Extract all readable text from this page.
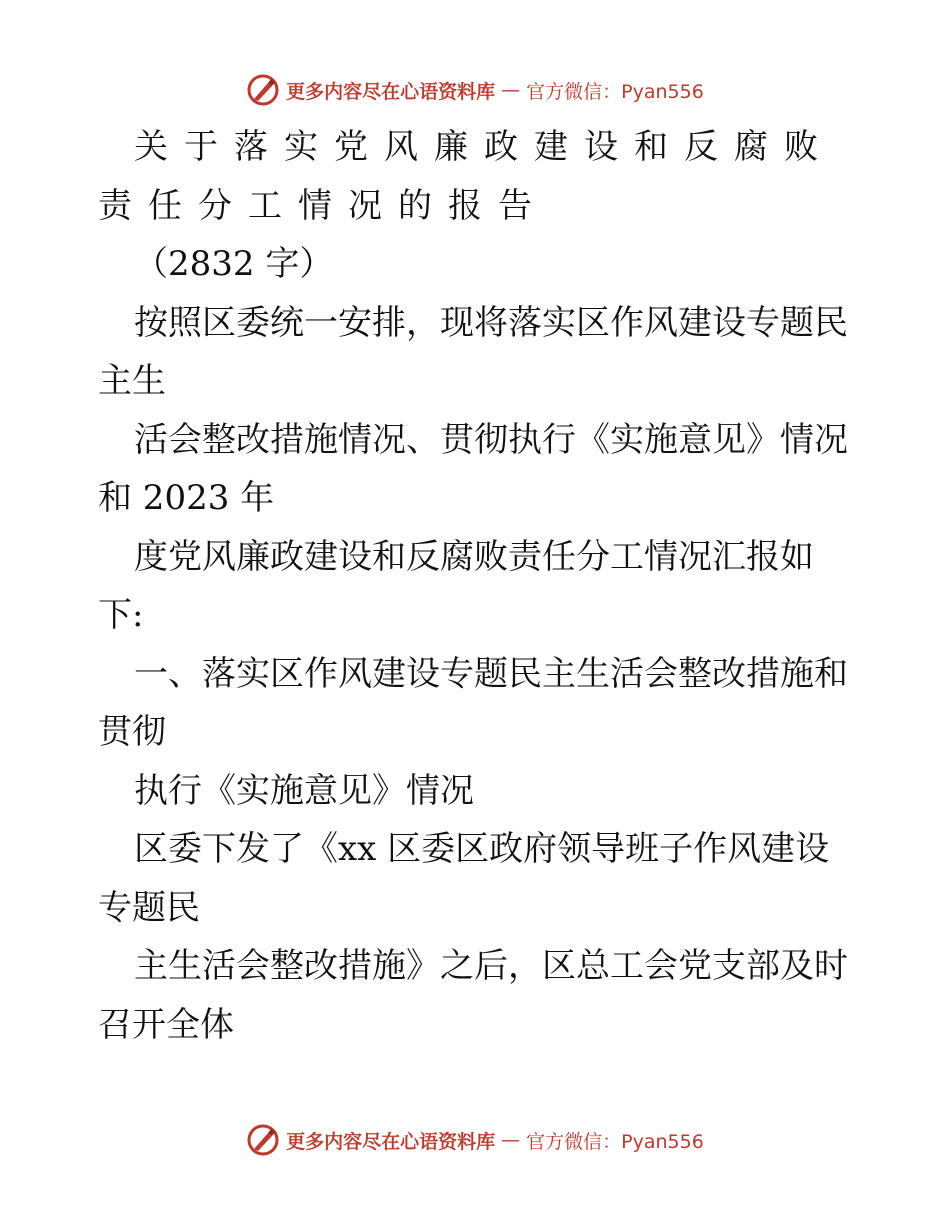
更多内容尽在心语资料库 — 官方微信：Pyan556
关于落实党风廉政建设和反腐败
责任分工情况的报告
（2832 字）
按照区委统一安排，现将落实区作风建设专题民
主生
活会整改措施情况、贯彻执行《实施意见》情况
和 2023 年
度党风廉政建设和反腐败责任分工情况汇报如
下:
一、落实区作风建设专题民主生活会整改措施和
贯彻
执行《实施意见》情况
区委下发了《xx 区委区政府领导班子作风建设
专题民
主生活会整改措施》之后，区总工会党支部及时
召开全体
更多内容尽在心语资料库 — 官方微信：Pyan556
